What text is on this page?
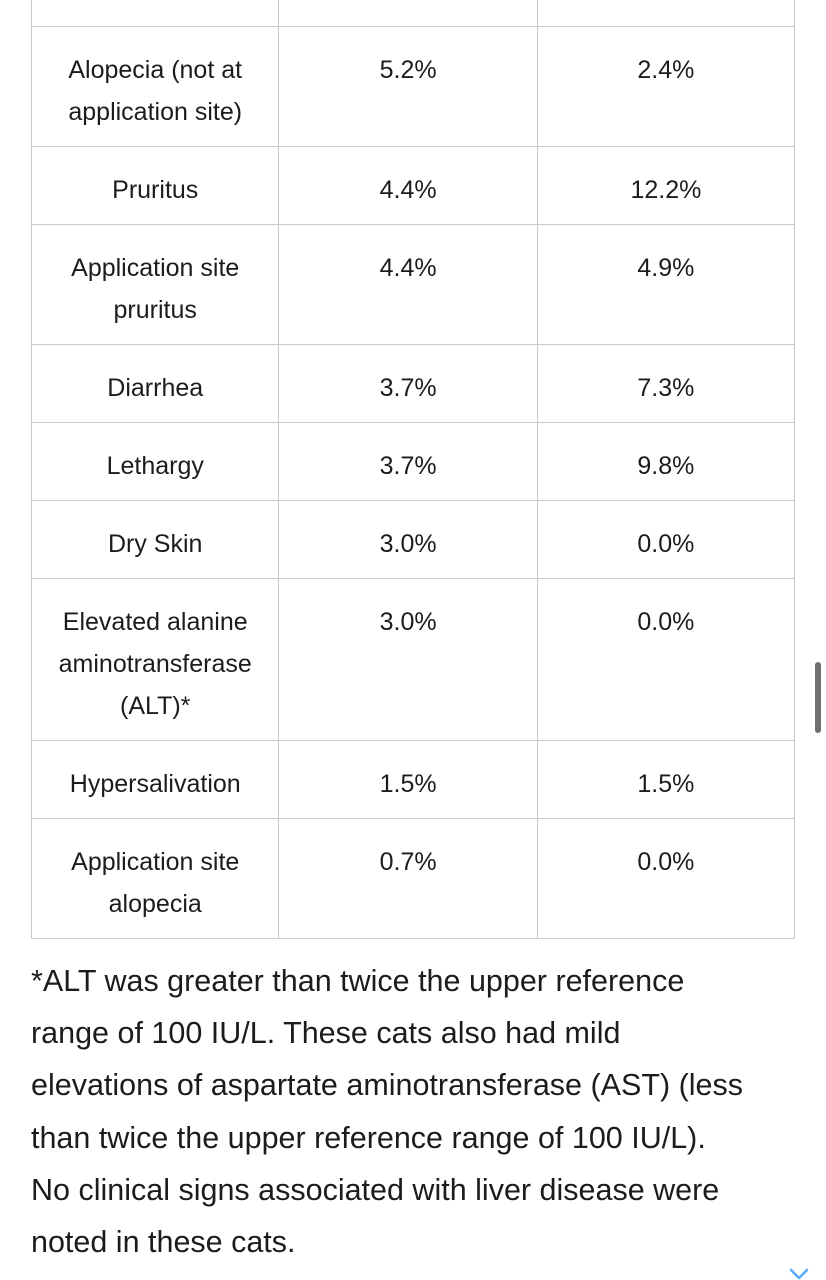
Alopecia (not at application site)	5.2%	2.4%
Pruritus	4.4%	12.2%
Application site pruritus	4.4%	4.9%
Diarrhea	3.7%	7.3%
Lethargy	3.7%	9.8%
Dry Skin	3.0%	0.0%
Elevated alanine aminotransferase (ALT)*	3.0%	0.0%
Hypersalivation	1.5%	1.5%
Application site alopecia	0.7%	0.0%

*ALT was greater than twice the upper reference range of 100 IU/L. These cats also had mild elevations of aspartate aminotransferase (AST) (less than twice the upper reference range of 100 IU/L). No clinical signs associated with liver disease were noted in these cats.
